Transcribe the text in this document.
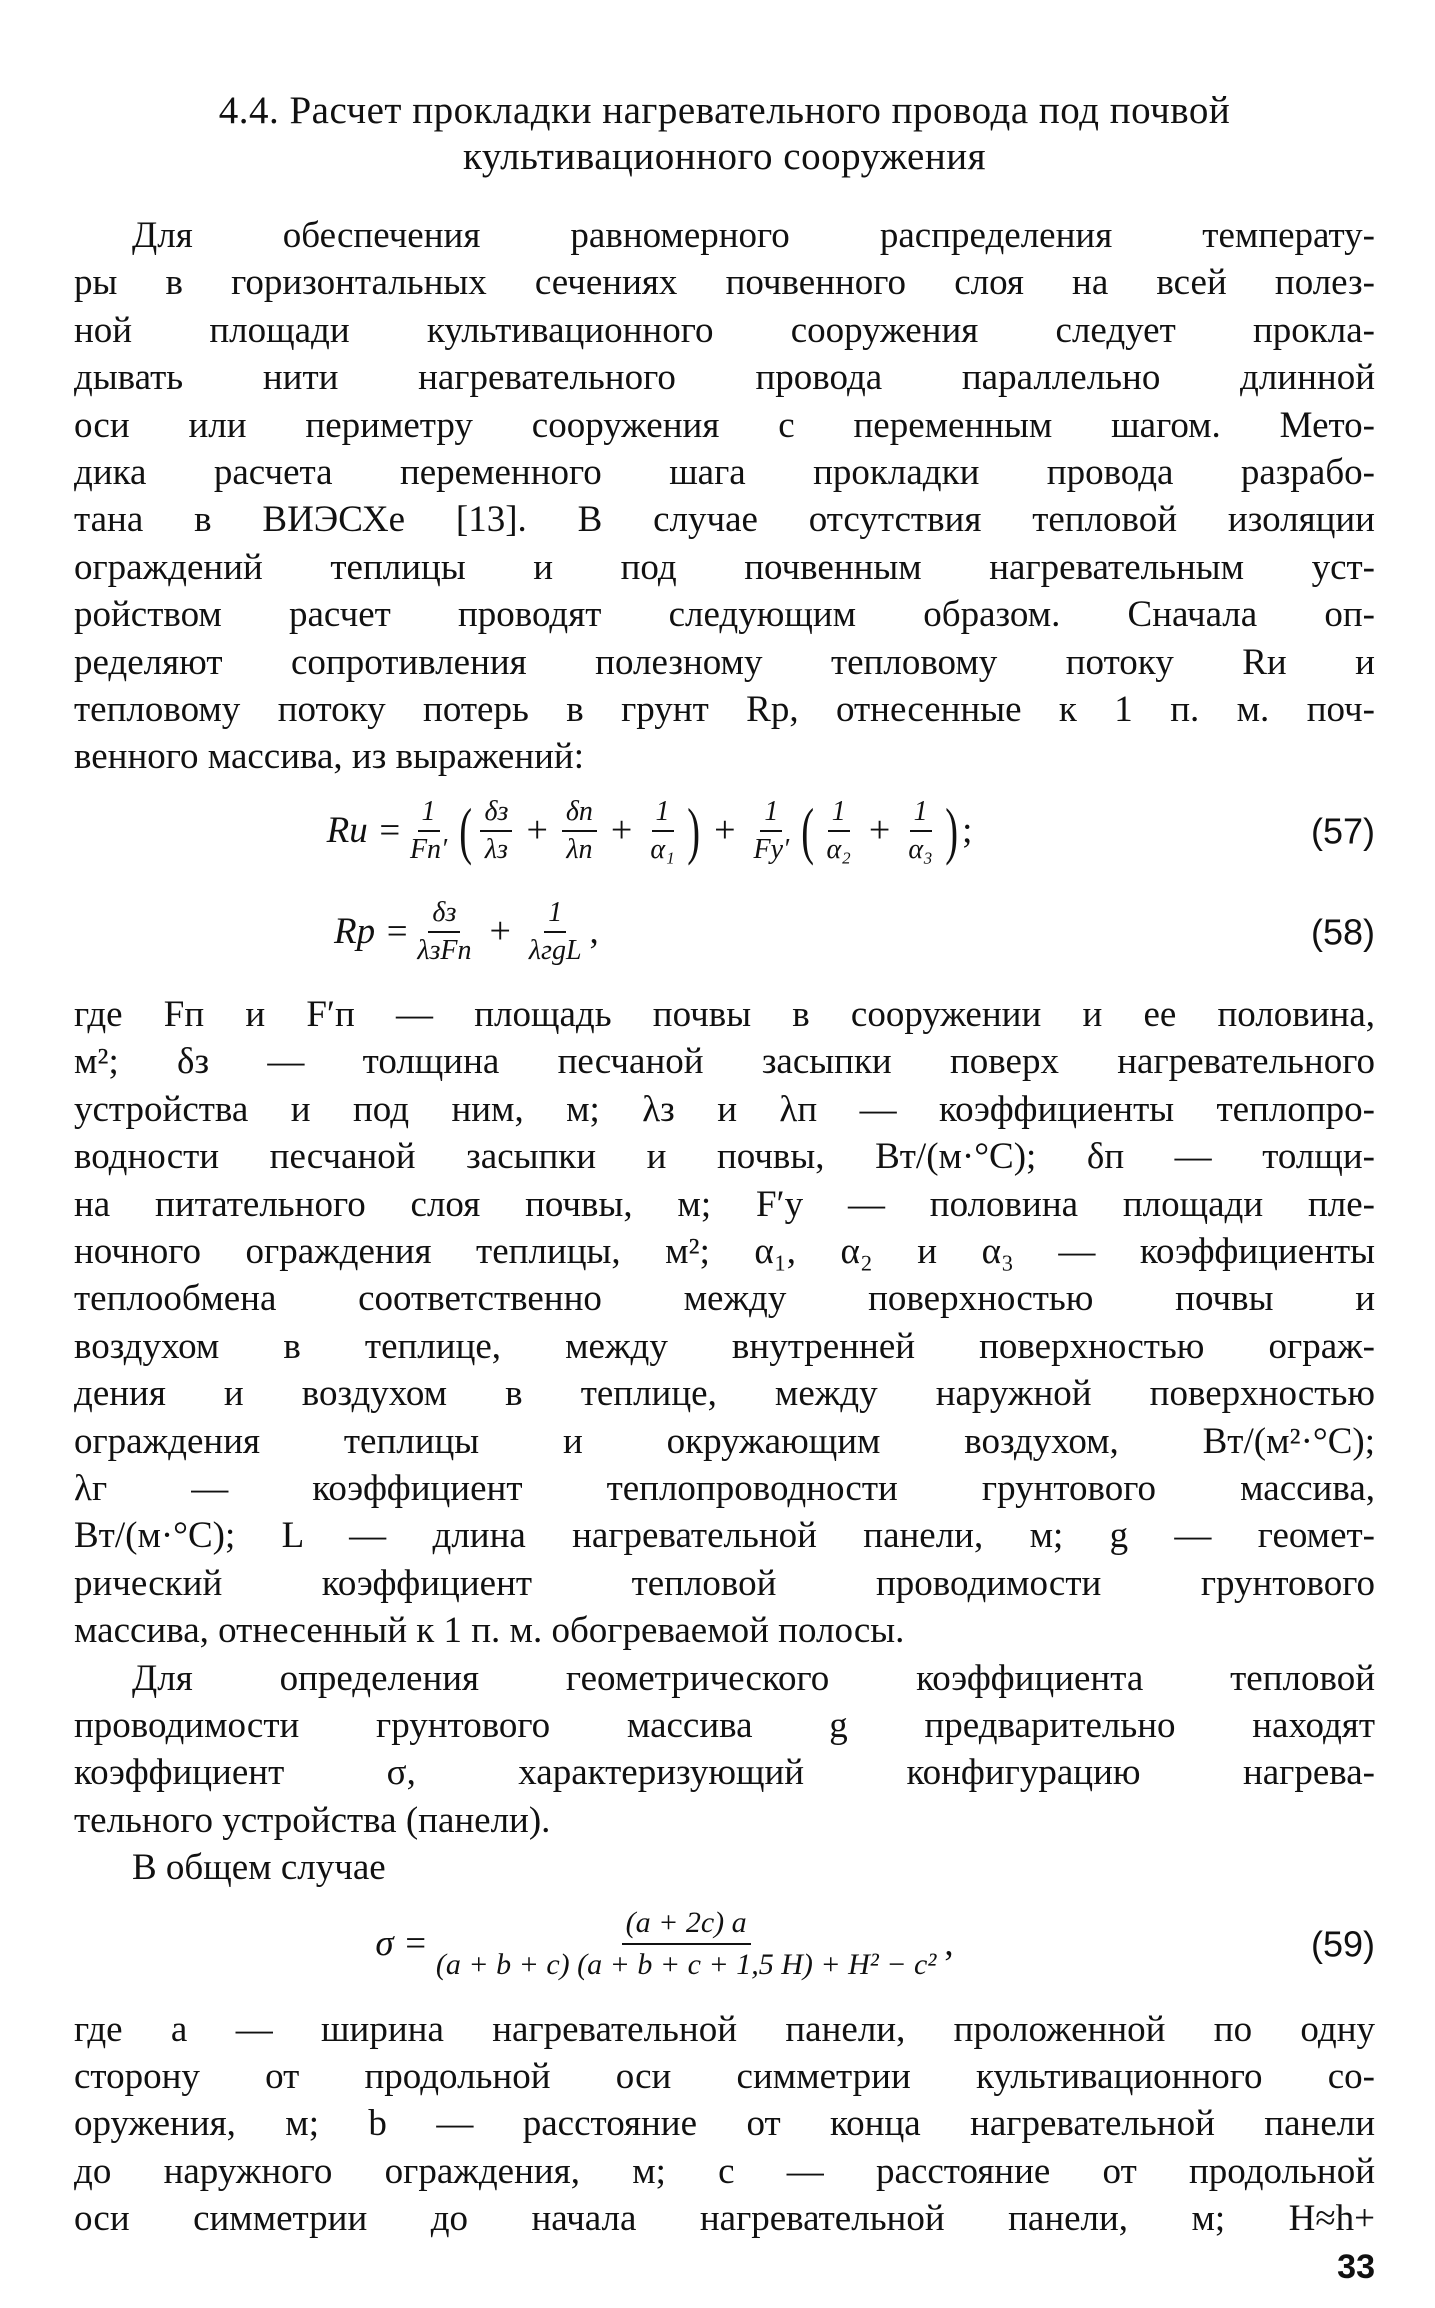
4.4. Расчет прокладки нагревательного провода под почвой
культивационного сооружения
Для обеспечения равномерного распределения температу-
ры в горизонтальных сечениях почвенного слоя на всей полез-
ной площади культивационного сооружения следует прокла-
дывать нити нагревательного провода параллельно длинной
оси или периметру сооружения с переменным шагом. Мето-
дика расчета переменного шага прокладки провода разрабо-
тана в ВИЭСХе [13]. В случае отсутствия тепловой изоляции
ограждений теплицы и под почвенным нагревательным уст-
ройством расчет проводят следующим образом. Сначала оп-
ределяют сопротивления полезному тепловому потоку Rи и
тепловому потоку потерь в грунт Rр, отнесенные к 1 п. м. поч-
венного массива, из выражений:
Rи = $\frac{1}{Fп'}$ ( $\frac{\delta з}{\lambda з} + \frac{\delta п}{\lambda п} + \frac{1}{\text{α₁}}$ ) + $\frac{1}{Fу'}$ ( $\frac{1}{\text{α₂}} + \frac{1}{\text{α₃}}$ ) ;	(57)
Rр = $\frac{\delta з}{\text{λзFп}} + \frac{1}{\text{λгgL}}$ ,	(58)
где Fп и F′п — площадь почвы в сооружении и ее половина,
м²; δз — толщина песчаной засыпки поверх нагревательного
устройства и под ним, м; λз и λп — коэффициенты теплопро-
водности песчаной засыпки и почвы, Вт/(м·°С); δп — толщи-
на питательного слоя почвы, м; F′у — половина площади пле-
ночного ограждения теплицы, м²; α₁, α₂ и α₃ — коэффициенты
теплообмена соответственно между поверхностью почвы и
воздухом в теплице, между внутренней поверхностью ограж-
дения и воздухом в теплице, между наружной поверхностью
ограждения теплицы и окружающим воздухом, Вт/(м²·°С);
λг — коэффициент теплопроводности грунтового массива,
Вт/(м·°С); L — длина нагревательной панели, м; g — геомет-
рический коэффициент тепловой проводимости грунтового
массива, отнесенный к 1 п. м. обогреваемой полосы.
Для определения геометрического коэффициента тепловой
проводимости грунтового массива g предварительно находят
коэффициент σ, характеризующий конфигурацию нагрева-
тельного устройства (панели).
В общем случае
$\sigma = \frac{(a + 2c) a}{\text{(a + b + c) (a + b + c + 1,5 H) + H² − c²}}$ ,	(59)
где a — ширина нагревательной панели, проложенной по одну
сторону от продольной оси симметрии культивационного со-
оружения, м; b — расстояние от конца нагревательной панели
до наружного ограждения, м; c — расстояние от продольной
оси симметрии до начала нагревательной панели, м; H≈h+
33
